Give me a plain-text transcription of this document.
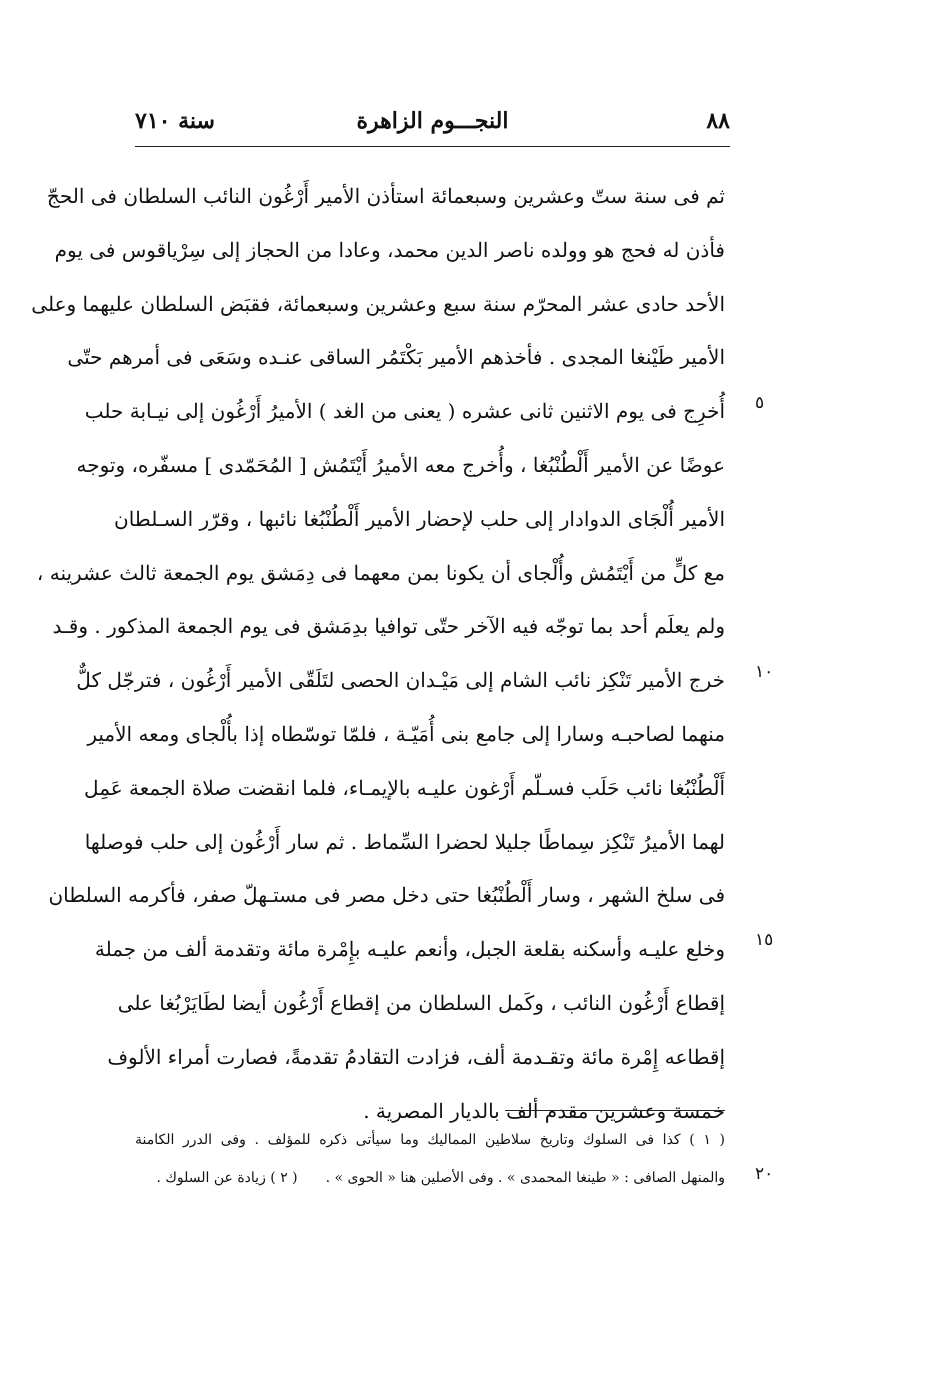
٨٨
النجـــوم الزاهرة
سنة ٧١٠
ثم فى سنة ستّ وعشرين وسبعمائة استأذن الأمير أَرْغُون النائب السلطان فى الحجّ
فأذن له فحج هو وولده ناصر الدين محمد، وعادا من الحجاز إلى سِرْياقوس فى يوم
الأحد حادى عشر المحرّم سنة سبع وعشرين وسبعمائة، فقبَض السلطان عليهما وعلى
الأمير طَيْنغا المجدى . فأخذهم الأمير بَكْتَمُر الساقى عنـده وسَعَى فى أمرهم حتّى
أُخرِج فى يوم الاثنين ثانى عشره ( يعنى من الغد ) الأميرُ أَرْغُون إلى نيـابة حلب
عوضًا عن الأمير أَلْطُنْبُغا ، وأُخرج معه الأميرُ أَيْتَمُش [ المُحَمّدى ] مسفّره، وتوجه
الأمير أُلْجَاى الدوادار إلى حلب لإحضار الأمير أَلْطُنْبُغا نائبها ، وقرّر السـلطان
مع كلٍّ من أَيْتَمُش وأُلْجاى أن يكونا بمن معهما فى دِمَشق يوم الجمعة ثالث عشرينه ،
ولم يعلَم أحد بما توجّه فيه الآخر حتّى توافيا بدِمَشق فى يوم الجمعة المذكور . وقـد
خرج الأمير تَنْكِز نائب الشام إلى مَيْـدان الحصى لتَلَقّى الأمير أَرْغُون ، فترجّل كلٌّ
منهما لصاحبـه وسارا إلى جامع بنى أُمَيّـة ، فلمّا توسّطاه إذا بأُلْجاى ومعه الأمير
أَلْطُنْبُغا نائب حَلَب فسـلّم أَرْغون عليـه بالإيمـاء، فلما انقضت صلاة الجمعة عَمِل
لهما الأميرُ تَنْكِز سِماطًا جليلا لحضرا السِّماط . ثم سار أَرْغُون إلى حلب فوصلها
فى سلخ الشهر ، وسار أَلْطُنْبُغا حتى دخل مصر فى مستـهلّ صفر، فأكرمه السلطان
وخلع عليـه وأسكنه بقلعة الجبل، وأنعم عليـه بإِمْرة مائة وتقدمة ألف من جملة
إقطاع أَرْغُون النائب ، وكَمل السلطان من إقطاع أَرْغُون أيضا لطَايَرْبُغا على
إقطاعه إِمْرة مائة وتقـدمة ألف، فزادت التقادمُ تقدمةً، فصارت أمراء الألوف
خمسة وعشرين مقدم ألف بالديار المصرية .
٥
١٠
١٥
٢٠
( ١ ) كذا فى السلوك وتاريخ سلاطين المماليك وما سيأتى ذكره للمؤلف . وفى الدرر الكامنة
والمنهل الصافى : « طينغا المحمدى » . وفى الأصلين هنا « الحوى » .( ٢ ) زيادة عن السلوك .
